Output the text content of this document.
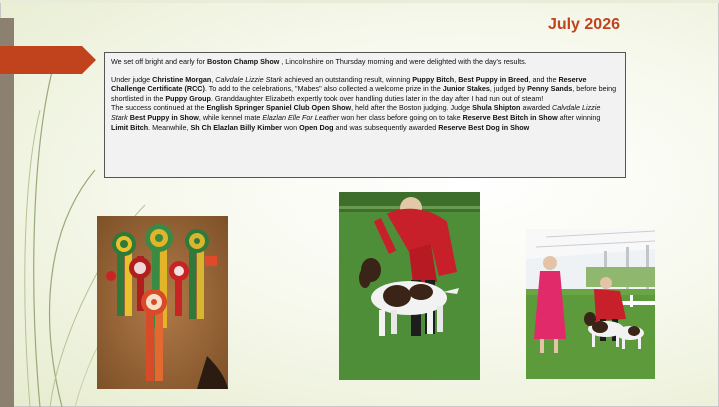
July 2026

We set off bright and early for Boston Champ Show , Lincolnshire on Thursday morning and were delighted with the day's results.

Under judge Christine Morgan, Calvdale Lizzie Stark achieved an outstanding result, winning Puppy Bitch, Best Puppy in Breed, and the Reserve Challenge Certificate (RCC). To add to the celebrations, "Mabes" also collected a welcome prize in the Junior Stakes, judged by Penny Sands, before being shortlisted in the Puppy Group. Granddaughter Elizabeth expertly took over handling duties later in the day after I had run out of steam!

The success continued at the English Springer Spaniel Club Open Show, held after the Boston judging. Judge Shula Shipton awarded Calvdale Lizzie Stark Best Puppy in Show, while kennel mate Elazlan Elle For Leather won her class before going on to take Reserve Best Bitch in Show after winning Limit Bitch. Meanwhile, Sh Ch Elazlan Billy Kimber won Open Dog and was subsequently awarded Reserve Best Dog in Show
